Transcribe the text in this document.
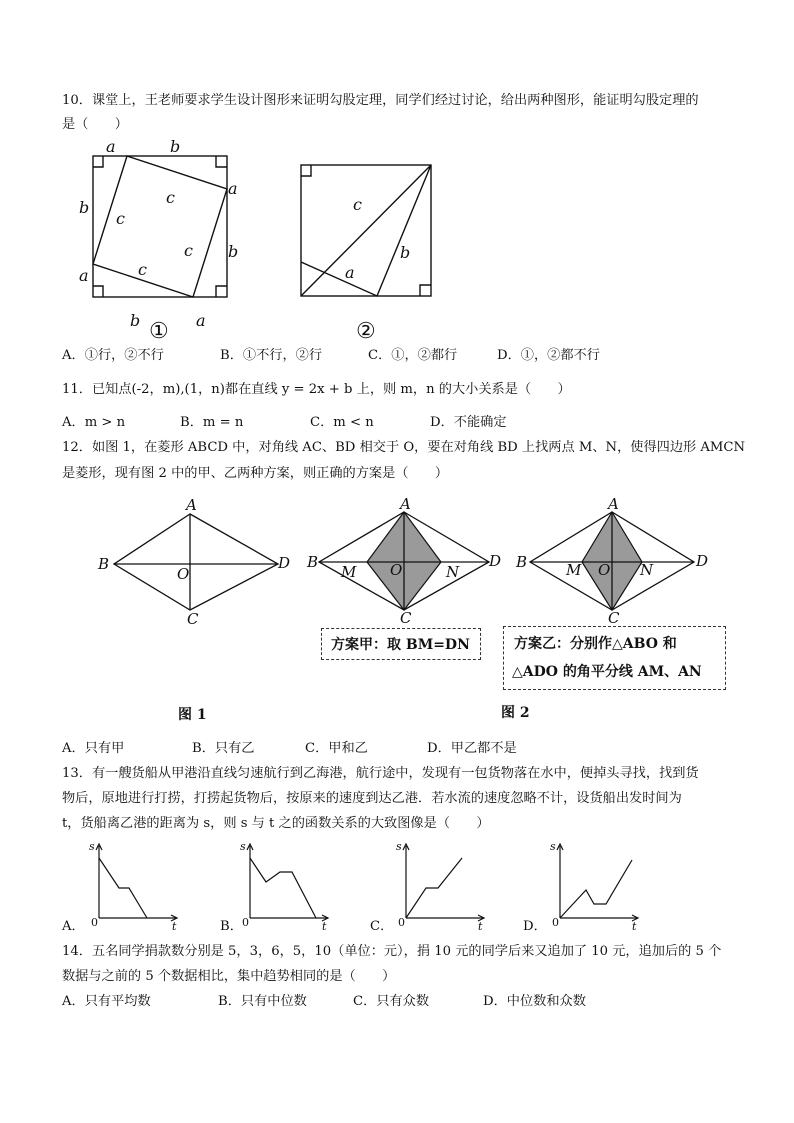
10．课堂上，王老师要求学生设计图形来证明勾股定理，同学们经过讨论，给出两种图形，能证明勾股定理的
是（　　）
a	b
a
b
b	a
b
a
c
c
c
c
①
c
a
b
②
A．①行，②不行	B．①不行，②行	C．①，②都行	D．①，②都不行
11．已知点(-2，m),(1，n)都在直线 y = 2x + b 上，则 m，n 的大小关系是（　　）
A．m > n	B．m = n	C．m < n	D．不能确定
12．如图 1，在菱形 ABCD 中，对角线 AC、BD 相交于 O，要在对角线 BD 上找两点 M、N，使得四边形 AMCN
是菱形，现有图 2 中的甲、乙两种方案，则正确的方案是（　　）
A
B	D
C
O
图 1
A
B	D
C
O
M	N
A
B	D
C
O
M	N
方案甲：取 BM=DN	方案乙：分别作△ABO 和
△ADO 的角平分线 AM、AN
图 2
A．只有甲	B．只有乙	C．甲和乙	D．甲乙都不是
13．有一艘货船从甲港沿直线匀速航行到乙海港，航行途中，发现有一包货物落在水中，便掉头寻找，找到货
物后，原地进行打捞，打捞起货物后，按原来的速度到达乙港．若水流的速度忽略不计，设货船出发时间为
t，货船离乙港的距离为 s，则 s 与 t 之的函数关系的大致图像是（　　）
A．
s
t
0	B．
s
t
0	C．
s
t
0	D．
s
t
0
14．五名同学捐款数分别是 5，3，6，5，10（单位：元），捐 10 元的同学后来又追加了 10 元，追加后的 5 个
数据与之前的 5 个数据相比，集中趋势相同的是（　　）
A．只有平均数	B．只有中位数	C．只有众数	D．中位数和众数
